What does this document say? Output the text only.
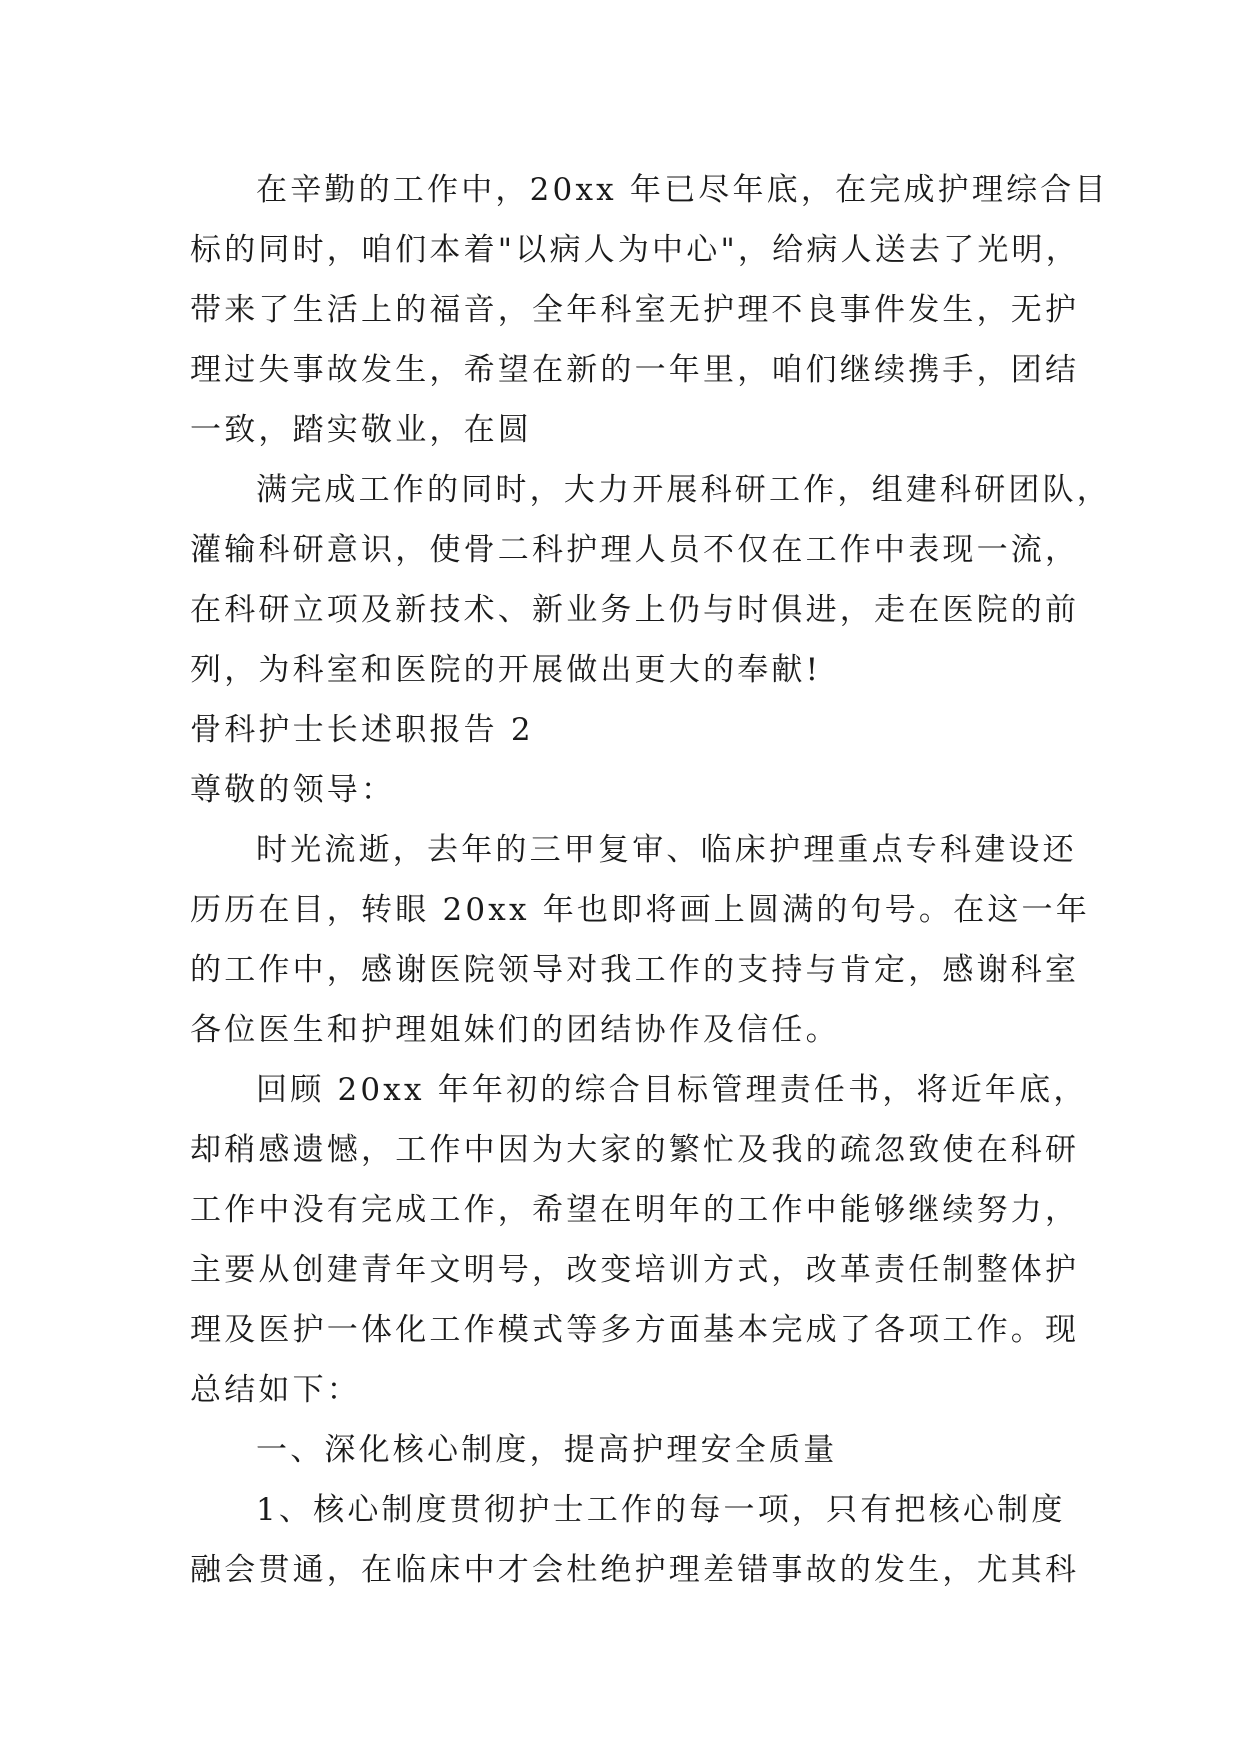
在辛勤的工作中，20xx 年已尽年底，在完成护理综合目
标的同时，咱们本着"以病人为中心"，给病人送去了光明，
带来了生活上的福音，全年科室无护理不良事件发生，无护
理过失事故发生，希望在新的一年里，咱们继续携手，团结
一致，踏实敬业，在圆
满完成工作的同时，大力开展科研工作，组建科研团队，
灌输科研意识，使骨二科护理人员不仅在工作中表现一流，
在科研立项及新技术、新业务上仍与时俱进，走在医院的前
列，为科室和医院的开展做出更大的奉献!
骨科护士长述职报告 2
尊敬的领导：
时光流逝，去年的三甲复审、临床护理重点专科建设还
历历在目，转眼 20xx 年也即将画上圆满的句号。在这一年
的工作中，感谢医院领导对我工作的支持与肯定，感谢科室
各位医生和护理姐妹们的团结协作及信任。
回顾 20xx 年年初的综合目标管理责任书，将近年底，
却稍感遗憾，工作中因为大家的繁忙及我的疏忽致使在科研
工作中没有完成工作，希望在明年的工作中能够继续努力，
主要从创建青年文明号，改变培训方式，改革责任制整体护
理及医护一体化工作模式等多方面基本完成了各项工作。现
总结如下：
一、深化核心制度，提高护理安全质量
1、核心制度贯彻护士工作的每一项，只有把核心制度
融会贯通，在临床中才会杜绝护理差错事故的发生，尤其科
